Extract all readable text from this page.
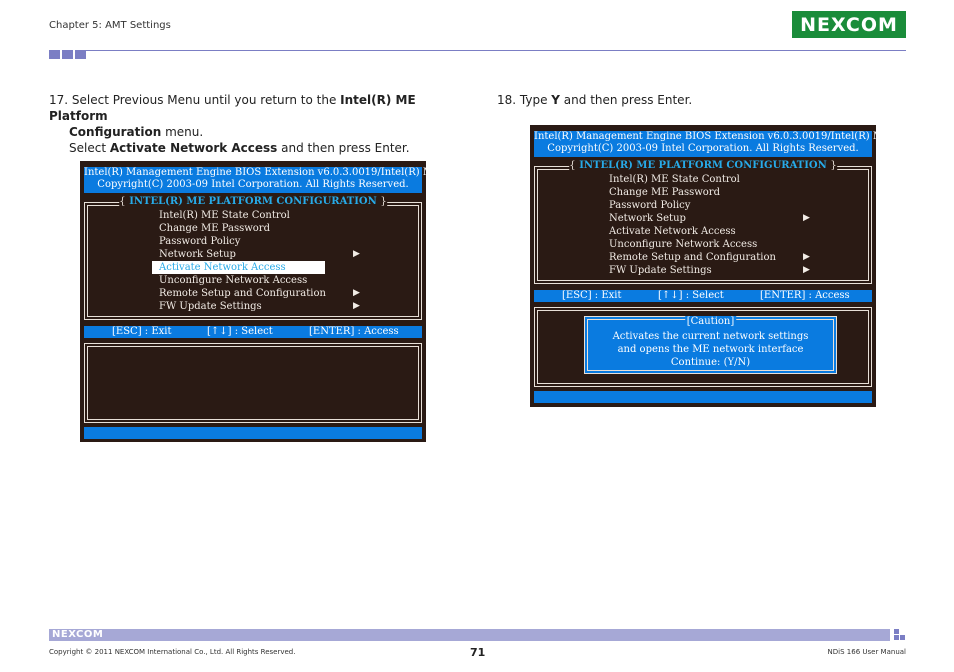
Chapter 5: AMT Settings	NEXCOM
17. Select Previous Menu until you return to the Intel(R) ME Platform
Configuration menu.
Select Activate Network Access and then press Enter.
18. Type Y and then press Enter.
Intel(R) Management Engine BIOS Extension v6.0.3.0019/Intel(R) ME v6.0.3.1195
Copyright(C) 2003-09 Intel Corporation. All Rights Reserved.
{ INTEL(R) ME PLATFORM CONFIGURATION }
Intel(R) ME State Control
Change ME Password
Password Policy
Network Setup	▶
Activate Network Access
Unconfigure Network Access
Remote Setup and Configuration	▶
FW Update Settings	▶
[ESC] : Exit	[↑↓] : Select	[ENTER] : Access
Intel(R) Management Engine BIOS Extension v6.0.3.0019/Intel(R) ME v6.0.3.1195
Copyright(C) 2003-09 Intel Corporation. All Rights Reserved.
{ INTEL(R) ME PLATFORM CONFIGURATION }
Intel(R) ME State Control
Change ME Password
Password Policy
Network Setup	▶
Activate Network Access
Unconfigure Network Access
Remote Setup and Configuration	▶
FW Update Settings	▶
[ESC] : Exit	[↑↓] : Select	[ENTER] : Access
[Caution]
Activates the current network settings
and opens the ME network interface
Continue: (Y/N)
NEXCOM
Copyright © 2011 NEXCOM International Co., Ltd. All Rights Reserved.	71	NDiS 166 User Manual
